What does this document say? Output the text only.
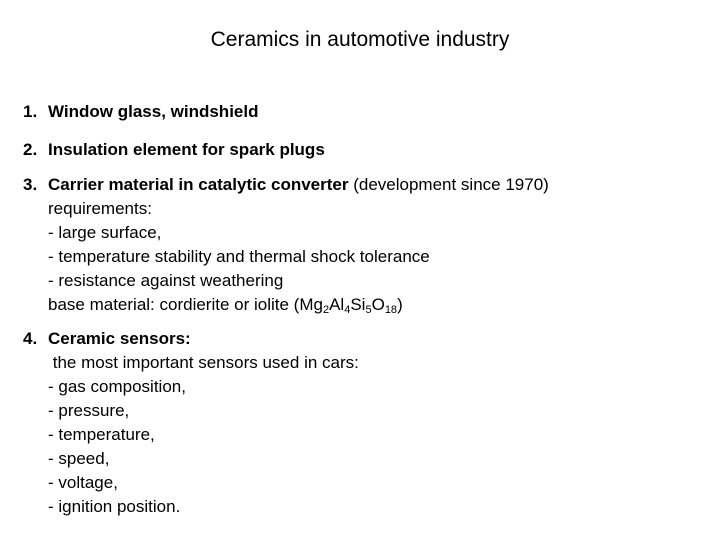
Ceramics in automotive industry
1. Window glass, windshield
2. Insulation element for spark plugs
3. Carrier material in catalytic converter (development since 1970)
requirements:
- large surface,
- temperature stability and thermal shock tolerance
- resistance against weathering
base material: cordierite or iolite $(Mg_2Al_4Si_5O_{18})$
4. Ceramic sensors:
the most important sensors used in cars:
- gas composition,
- pressure,
- temperature,
- speed,
- voltage,
- ignition position.
